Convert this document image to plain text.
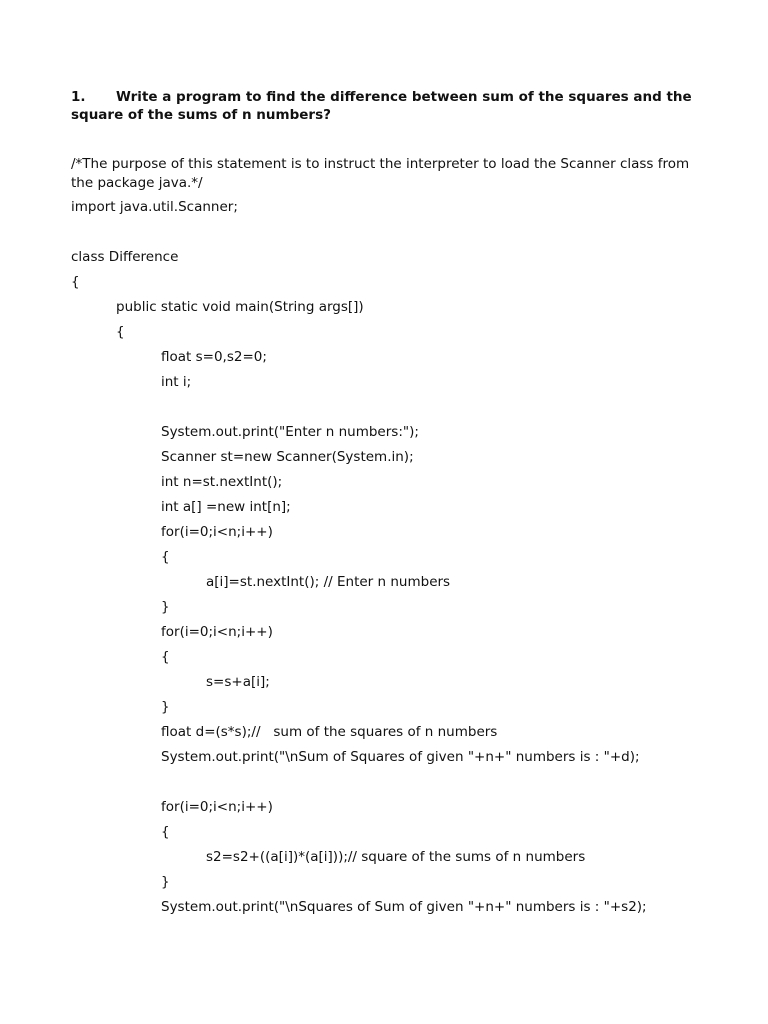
1. Write a program to find the difference between sum of the squares and the square of the sums of n numbers?
/*The purpose of this statement is to instruct the interpreter to load the Scanner class from the package java.*/
import java.util.Scanner;
class Difference
{
public static void main(String args[])
{
float s=0,s2=0;
int i;
System.out.print("Enter n numbers:");
Scanner st=new Scanner(System.in);
int n=st.nextInt();
int a[] =new int[n];
for(i=0;i<n;i++)
{
a[i]=st.nextInt(); // Enter n numbers
}
for(i=0;i<n;i++)
{
s=s+a[i];
}
float d=(s*s);//   sum of the squares of n numbers
System.out.print("\nSum of Squares of given "+n+" numbers is : "+d);
for(i=0;i<n;i++)
{
s2=s2+((a[i])*(a[i]));// square of the sums of n numbers
}
System.out.print("\nSquares of Sum of given "+n+" numbers is : "+s2);
